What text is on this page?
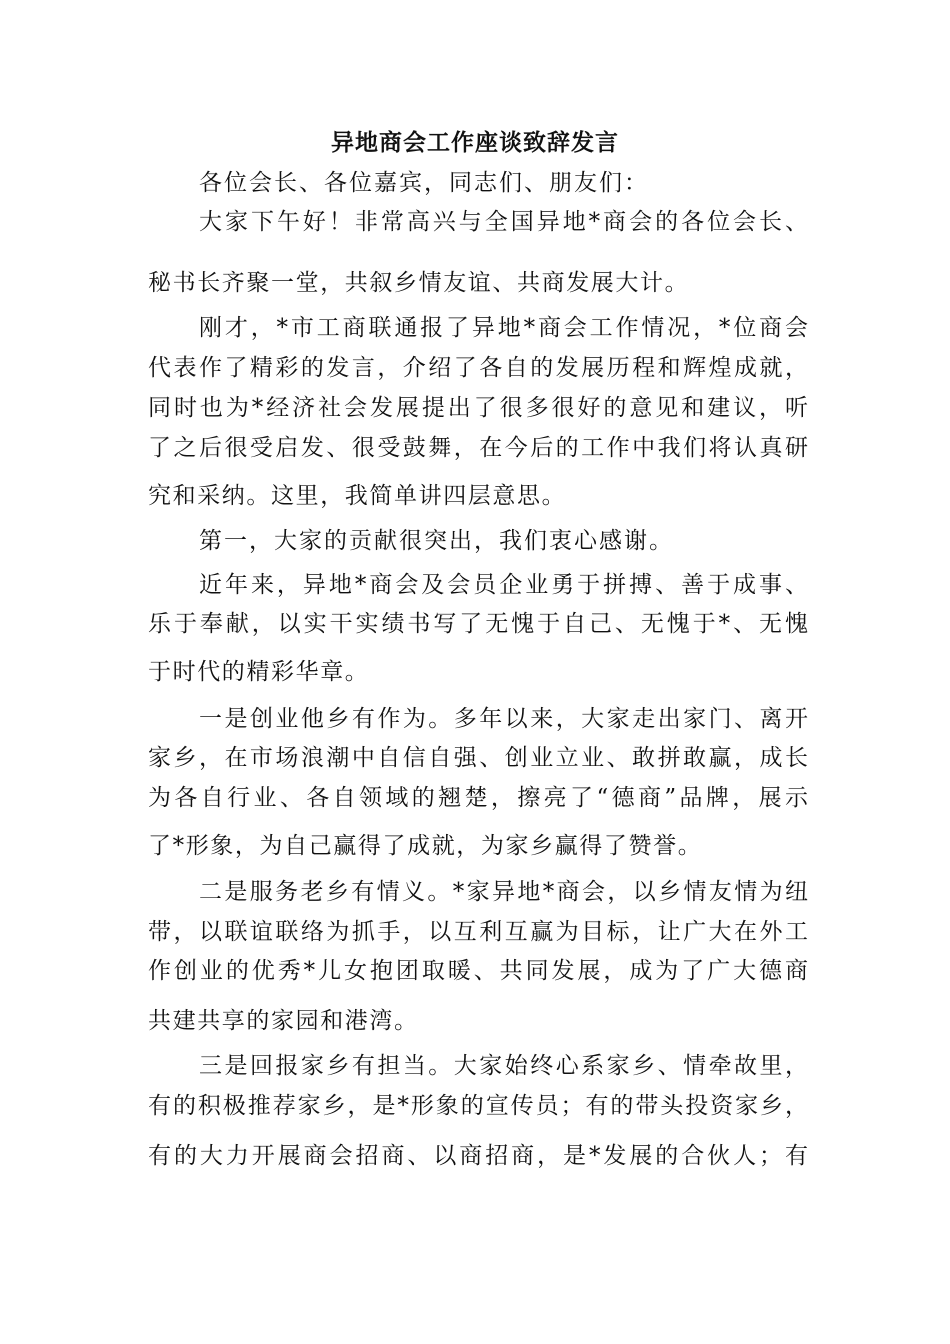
异地商会工作座谈致辞发言
各位会长、各位嘉宾，同志们、朋友们：
大家下午好！非常高兴与全国异地*商会的各位会长、
秘书长齐聚一堂，共叙乡情友谊、共商发展大计。
刚才，*市工商联通报了异地*商会工作情况，*位商会
代表作了精彩的发言，介绍了各自的发展历程和辉煌成就，
同时也为*经济社会发展提出了很多很好的意见和建议，听
了之后很受启发、很受鼓舞，在今后的工作中我们将认真研
究和采纳。这里，我简单讲四层意思。
第一，大家的贡献很突出，我们衷心感谢。
近年来，异地*商会及会员企业勇于拼搏、善于成事、
乐于奉献，以实干实绩书写了无愧于自己、无愧于*、无愧
于时代的精彩华章。
一是创业他乡有作为。多年以来，大家走出家门、离开
家乡，在市场浪潮中自信自强、创业立业、敢拼敢赢，成长
为各自行业、各自领域的翘楚，擦亮了“德商”品牌，展示
了*形象，为自己赢得了成就，为家乡赢得了赞誉。
二是服务老乡有情义。*家异地*商会，以乡情友情为纽
带，以联谊联络为抓手，以互利互赢为目标，让广大在外工
作创业的优秀*儿女抱团取暖、共同发展，成为了广大德商
共建共享的家园和港湾。
三是回报家乡有担当。大家始终心系家乡、情牵故里，
有的积极推荐家乡，是*形象的宣传员；有的带头投资家乡，
有的大力开展商会招商、以商招商，是*发展的合伙人；有
